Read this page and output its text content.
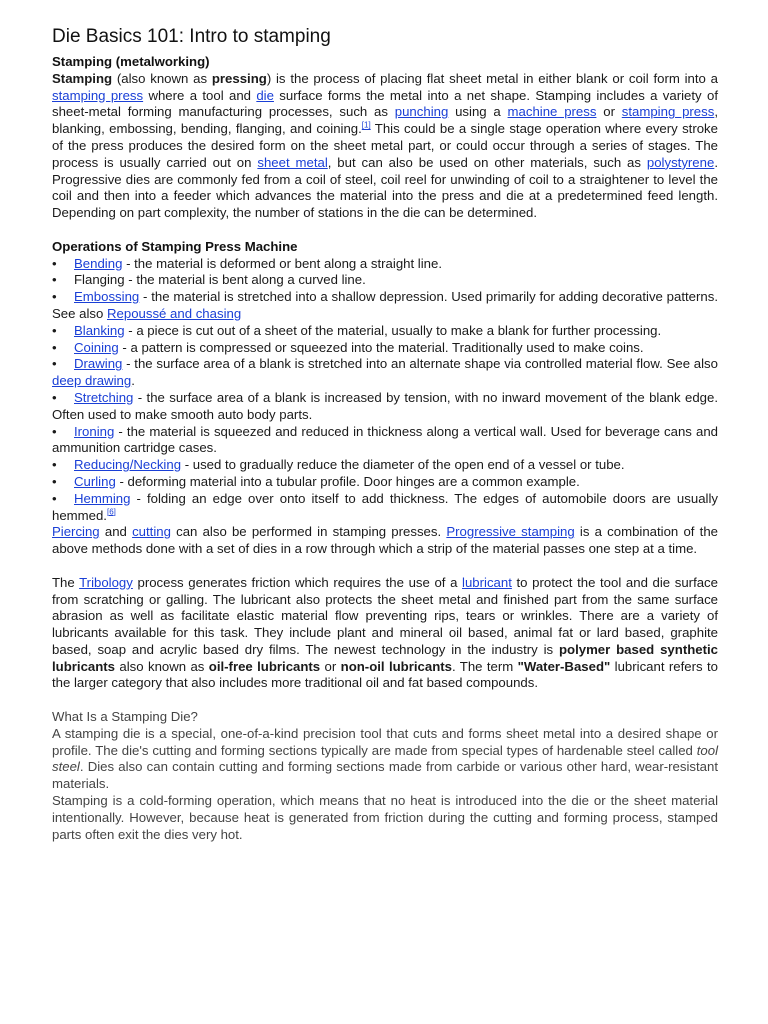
Die Basics 101: Intro to stamping
Stamping (metalworking)

Stamping (also known as pressing) is the process of placing flat sheet metal in either blank or coil form into a stamping press where a tool and die surface forms the metal into a net shape. Stamping includes a variety of sheet-metal forming manufacturing processes, such as punching using a machine press or stamping press, blanking, embossing, bending, flanging, and coining.[1] This could be a single stage operation where every stroke of the press produces the desired form on the sheet metal part, or could occur through a series of stages. The process is usually carried out on sheet metal, but can also be used on other materials, such as polystyrene. Progressive dies are commonly fed from a coil of steel, coil reel for unwinding of coil to a straightener to level the coil and then into a feeder which advances the material into the press and die at a predetermined feed length. Depending on part complexity, the number of stations in the die can be determined.

Operations of Stamping Press Machine
• Bending - the material is deformed or bent along a straight line.
• Flanging - the material is bent along a curved line.
• Embossing - the material is stretched into a shallow depression. Used primarily for adding decorative patterns. See also Repoussé and chasing
• Blanking - a piece is cut out of a sheet of the material, usually to make a blank for further processing.
• Coining - a pattern is compressed or squeezed into the material. Traditionally used to make coins.
• Drawing - the surface area of a blank is stretched into an alternate shape via controlled material flow. See also deep drawing.
• Stretching - the surface area of a blank is increased by tension, with no inward movement of the blank edge. Often used to make smooth auto body parts.
• Ironing - the material is squeezed and reduced in thickness along a vertical wall. Used for beverage cans and ammunition cartridge cases.
• Reducing/Necking - used to gradually reduce the diameter of the open end of a vessel or tube.
• Curling - deforming material into a tubular profile. Door hinges are a common example.
• Hemming - folding an edge over onto itself to add thickness. The edges of automobile doors are usually hemmed.[6]

Piercing and cutting can also be performed in stamping presses. Progressive stamping is a combination of the above methods done with a set of dies in a row through which a strip of the material passes one step at a time.

The Tribology process generates friction which requires the use of a lubricant to protect the tool and die surface from scratching or galling. The lubricant also protects the sheet metal and finished part from the same surface abrasion as well as facilitate elastic material flow preventing rips, tears or wrinkles. There are a variety of lubricants available for this task. They include plant and mineral oil based, animal fat or lard based, graphite based, soap and acrylic based dry films. The newest technology in the industry is polymer based synthetic lubricants also known as oil-free lubricants or non-oil lubricants. The term "Water-Based" lubricant refers to the larger category that also includes more traditional oil and fat based compounds.

What Is a Stamping Die?

A stamping die is a special, one-of-a-kind precision tool that cuts and forms sheet metal into a desired shape or profile. The die's cutting and forming sections typically are made from special types of hardenable steel called tool steel. Dies also can contain cutting and forming sections made from carbide or various other hard, wear-resistant materials.

Stamping is a cold-forming operation, which means that no heat is introduced into the die or the sheet material intentionally. However, because heat is generated from friction during the cutting and forming process, stamped parts often exit the dies very hot.
